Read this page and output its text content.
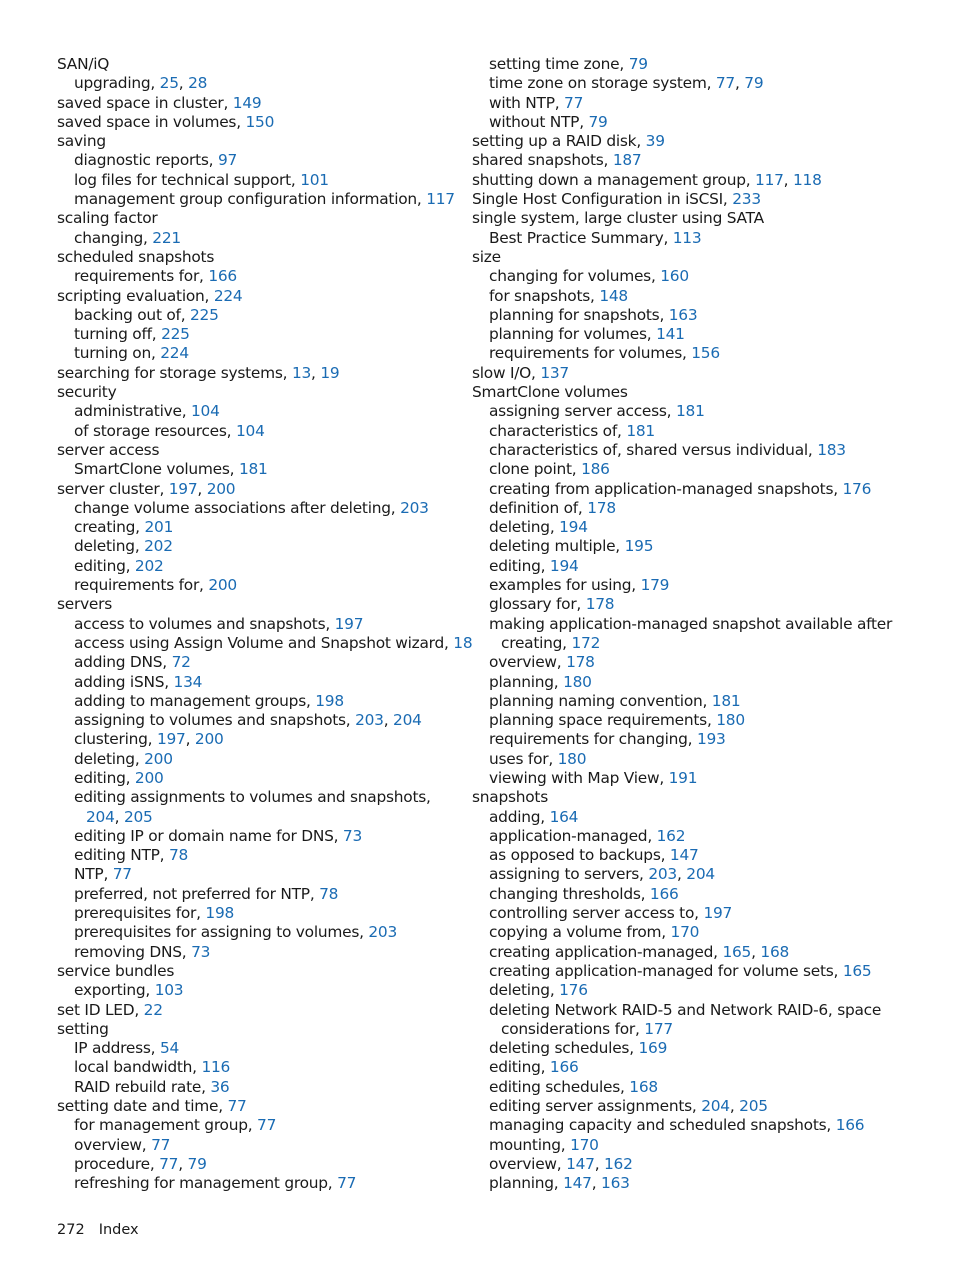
SAN/iQ
upgrading, 25, 28
saved space in cluster, 149
saved space in volumes, 150
saving
diagnostic reports, 97
log files for technical support, 101
management group configuration information, 117
scaling factor
changing, 221
scheduled snapshots
requirements for, 166
scripting evaluation, 224
backing out of, 225
turning off, 225
turning on, 224
searching for storage systems, 13, 19
security
administrative, 104
of storage resources, 104
server access
SmartClone volumes, 181
server cluster, 197, 200
change volume associations after deleting, 203
creating, 201
deleting, 202
editing, 202
requirements for, 200
servers
access to volumes and snapshots, 197
access using Assign Volume and Snapshot wizard, 18
adding DNS, 72
adding iSNS, 134
adding to management groups, 198
assigning to volumes and snapshots, 203, 204
clustering, 197, 200
deleting, 200
editing, 200
editing assignments to volumes and snapshots, 204, 205
editing IP or domain name for DNS, 73
editing NTP, 78
NTP, 77
preferred, not preferred for NTP, 78
prerequisites for, 198
prerequisites for assigning to volumes, 203
removing DNS, 73
service bundles
exporting, 103
set ID LED, 22
setting
IP address, 54
local bandwidth, 116
RAID rebuild rate, 36
setting date and time, 77
for management group, 77
overview, 77
procedure, 77, 79
refreshing for management group, 77
setting time zone, 79
time zone on storage system, 77, 79
with NTP, 77
without NTP, 79
setting up a RAID disk, 39
shared snapshots, 187
shutting down a management group, 117, 118
Single Host Configuration in iSCSI, 233
single system, large cluster using SATA
Best Practice Summary, 113
size
changing for volumes, 160
for snapshots, 148
planning for snapshots, 163
planning for volumes, 141
requirements for volumes, 156
slow I/O, 137
SmartClone volumes
assigning server access, 181
characteristics of, 181
characteristics of, shared versus individual, 183
clone point, 186
creating from application-managed snapshots, 176
definition of, 178
deleting, 194
deleting multiple, 195
editing, 194
examples for using, 179
glossary for, 178
making application-managed snapshot available after creating, 172
overview, 178
planning, 180
planning naming convention, 181
planning space requirements, 180
requirements for changing, 193
uses for, 180
viewing with Map View, 191
snapshots
adding, 164
application-managed, 162
as opposed to backups, 147
assigning to servers, 203, 204
changing thresholds, 166
controlling server access to, 197
copying a volume from, 170
creating application-managed, 165, 168
creating application-managed for volume sets, 165
deleting, 176
deleting Network RAID-5 and Network RAID-6, space considerations for, 177
deleting schedules, 169
editing, 166
editing schedules, 168
editing server assignments, 204, 205
managing capacity and scheduled snapshots, 166
mounting, 170
overview, 147, 162
planning, 147, 163
272 Index
